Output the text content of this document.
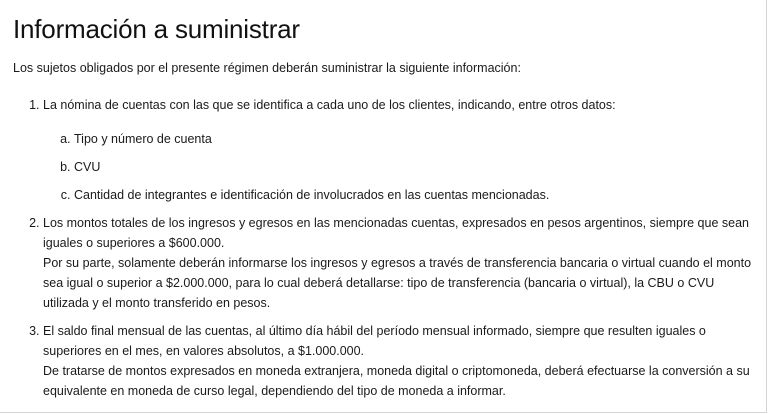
Información a suministrar

Los sujetos obligados por el presente régimen deberán suministrar la siguiente información:

1. La nómina de cuentas con las que se identifica a cada uno de los clientes, indicando, entre otros datos:
a. Tipo y número de cuenta
b. CVU
c. Cantidad de integrantes e identificación de involucrados en las cuentas mencionadas.
2. Los montos totales de los ingresos y egresos en las mencionadas cuentas, expresados en pesos argentinos, siempre que sean iguales o superiores a $600.000.
Por su parte, solamente deberán informarse los ingresos y egresos a través de transferencia bancaria o virtual cuando el monto sea igual o superior a $2.000.000, para lo cual deberá detallarse: tipo de transferencia (bancaria o virtual), la CBU o CVU utilizada y el monto transferido en pesos.
3. El saldo final mensual de las cuentas, al último día hábil del período mensual informado, siempre que resulten iguales o superiores en el mes, en valores absolutos, a $1.000.000.
De tratarse de montos expresados en moneda extranjera, moneda digital o criptomoneda, deberá efectuarse la conversión a su equivalente en moneda de curso legal, dependiendo del tipo de moneda a informar.
